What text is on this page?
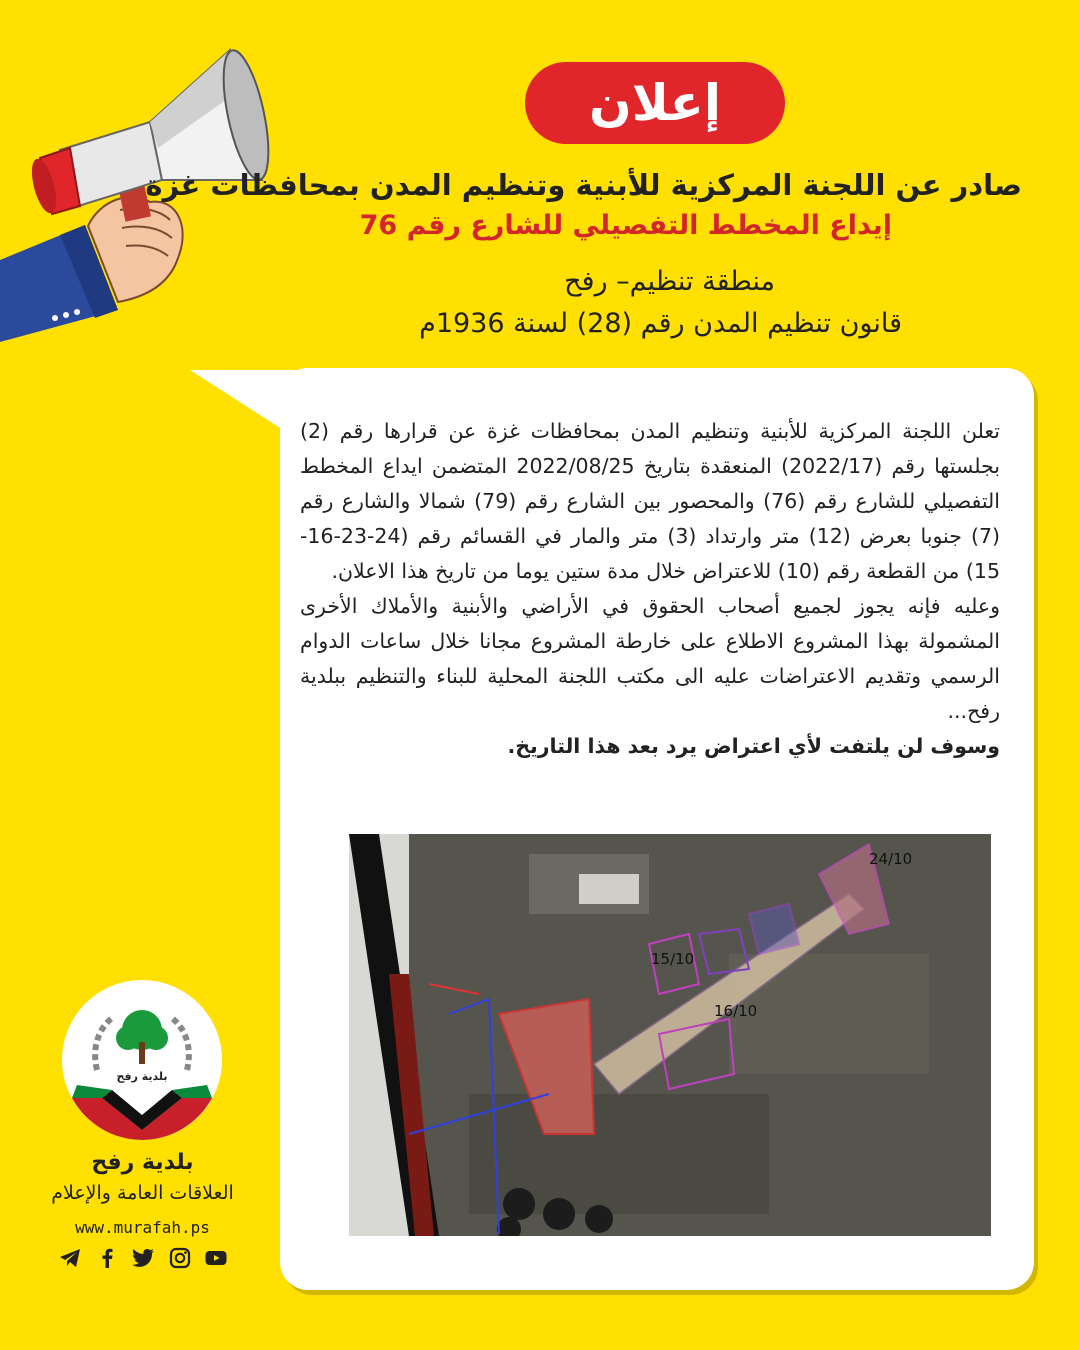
إعلان
صادر عن اللجنة المركزية للأبنية وتنظيم المدن بمحافظات غزة
إيداع المخطط التفصيلي للشارع رقم 76
منطقة تنظيم– رفح
قانون تنظيم المدن رقم (28) لسنة 1936م

تعلن اللجنة المركزية للأبنية وتنظيم المدن بمحافظات غزة عن قرارها رقم (2) بجلستها رقم (2022/17) المنعقدة بتاريخ 2022/08/25 المتضمن ايداع المخطط التفصيلي للشارع رقم (76) والمحصور بين الشارع رقم (79) شمالا والشارع رقم (7) جنوبا بعرض (12) متر وارتداد (3) متر والمار في القسائم رقم (24-23-16-15) من القطعة رقم (10) للاعتراض خلال مدة ستين يوما من تاريخ هذا الاعلان.

وعليه فإنه يجوز لجميع أصحاب الحقوق في الأراضي والأبنية والأملاك الأخرى المشمولة بهذا المشروع الاطلاع على خارطة المشروع مجانا خلال ساعات الدوام الرسمي وتقديم الاعتراضات عليه الى مكتب اللجنة المحلية للبناء والتنظيم ببلدية رفح...

وسوف لن يلتفت لأي اعتراض يرد بعد هذا التاريخ.

15/10
16/10
24/10
بلدية رفح
بلدية رفح
العلاقات العامة والإعلام
www.murafah.ps
